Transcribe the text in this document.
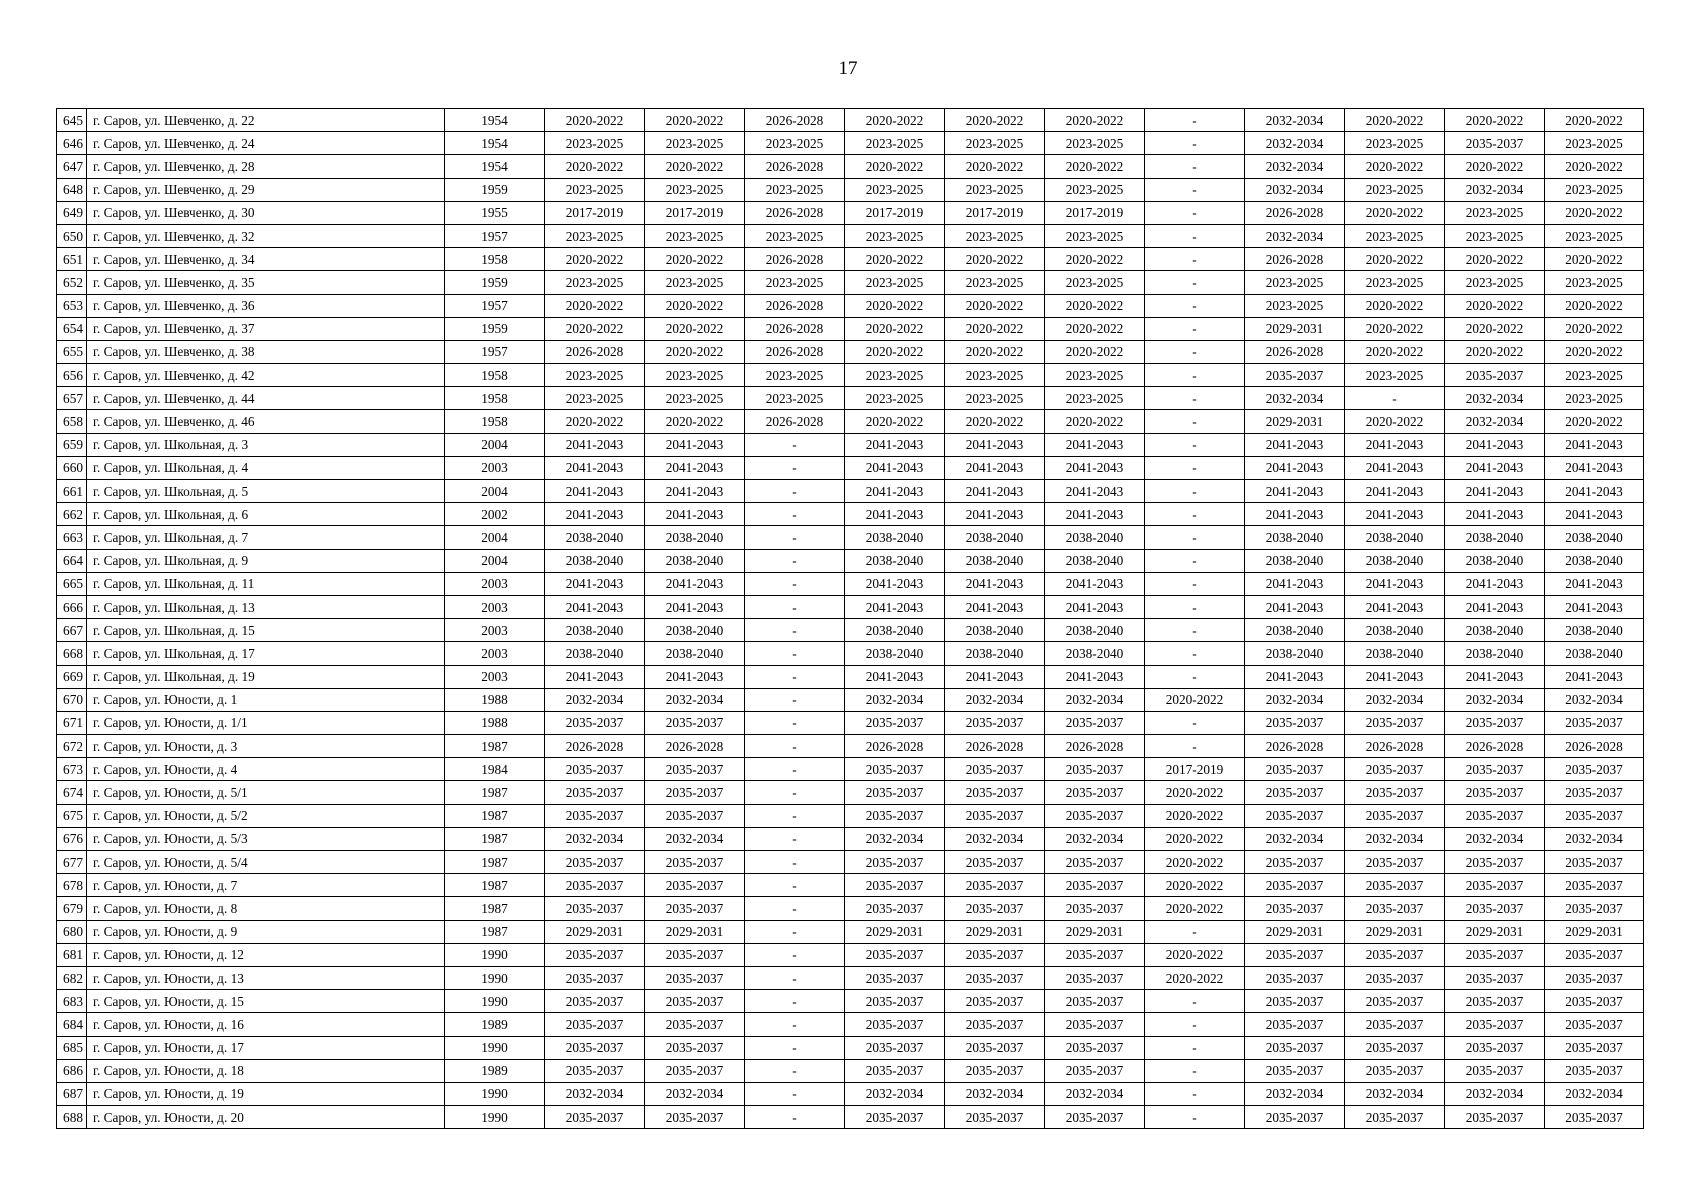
17
645	г. Саров, ул. Шевченко, д. 22	1954	2020-2022	2020-2022	2026-2028	2020-2022	2020-2022	2020-2022	-	2032-2034	2020-2022	2020-2022	2020-2022
646	г. Саров, ул. Шевченко, д. 24	1954	2023-2025	2023-2025	2023-2025	2023-2025	2023-2025	2023-2025	-	2032-2034	2023-2025	2035-2037	2023-2025
647	г. Саров, ул. Шевченко, д. 28	1954	2020-2022	2020-2022	2026-2028	2020-2022	2020-2022	2020-2022	-	2032-2034	2020-2022	2020-2022	2020-2022
648	г. Саров, ул. Шевченко, д. 29	1959	2023-2025	2023-2025	2023-2025	2023-2025	2023-2025	2023-2025	-	2032-2034	2023-2025	2032-2034	2023-2025
649	г. Саров, ул. Шевченко, д. 30	1955	2017-2019	2017-2019	2026-2028	2017-2019	2017-2019	2017-2019	-	2026-2028	2020-2022	2023-2025	2020-2022
650	г. Саров, ул. Шевченко, д. 32	1957	2023-2025	2023-2025	2023-2025	2023-2025	2023-2025	2023-2025	-	2032-2034	2023-2025	2023-2025	2023-2025
651	г. Саров, ул. Шевченко, д. 34	1958	2020-2022	2020-2022	2026-2028	2020-2022	2020-2022	2020-2022	-	2026-2028	2020-2022	2020-2022	2020-2022
652	г. Саров, ул. Шевченко, д. 35	1959	2023-2025	2023-2025	2023-2025	2023-2025	2023-2025	2023-2025	-	2023-2025	2023-2025	2023-2025	2023-2025
653	г. Саров, ул. Шевченко, д. 36	1957	2020-2022	2020-2022	2026-2028	2020-2022	2020-2022	2020-2022	-	2023-2025	2020-2022	2020-2022	2020-2022
654	г. Саров, ул. Шевченко, д. 37	1959	2020-2022	2020-2022	2026-2028	2020-2022	2020-2022	2020-2022	-	2029-2031	2020-2022	2020-2022	2020-2022
655	г. Саров, ул. Шевченко, д. 38	1957	2026-2028	2020-2022	2026-2028	2020-2022	2020-2022	2020-2022	-	2026-2028	2020-2022	2020-2022	2020-2022
656	г. Саров, ул. Шевченко, д. 42	1958	2023-2025	2023-2025	2023-2025	2023-2025	2023-2025	2023-2025	-	2035-2037	2023-2025	2035-2037	2023-2025
657	г. Саров, ул. Шевченко, д. 44	1958	2023-2025	2023-2025	2023-2025	2023-2025	2023-2025	2023-2025	-	2032-2034	-	2032-2034	2023-2025
658	г. Саров, ул. Шевченко, д. 46	1958	2020-2022	2020-2022	2026-2028	2020-2022	2020-2022	2020-2022	-	2029-2031	2020-2022	2032-2034	2020-2022
659	г. Саров, ул. Школьная, д. 3	2004	2041-2043	2041-2043	-	2041-2043	2041-2043	2041-2043	-	2041-2043	2041-2043	2041-2043	2041-2043
660	г. Саров, ул. Школьная, д. 4	2003	2041-2043	2041-2043	-	2041-2043	2041-2043	2041-2043	-	2041-2043	2041-2043	2041-2043	2041-2043
661	г. Саров, ул. Школьная, д. 5	2004	2041-2043	2041-2043	-	2041-2043	2041-2043	2041-2043	-	2041-2043	2041-2043	2041-2043	2041-2043
662	г. Саров, ул. Школьная, д. 6	2002	2041-2043	2041-2043	-	2041-2043	2041-2043	2041-2043	-	2041-2043	2041-2043	2041-2043	2041-2043
663	г. Саров, ул. Школьная, д. 7	2004	2038-2040	2038-2040	-	2038-2040	2038-2040	2038-2040	-	2038-2040	2038-2040	2038-2040	2038-2040
664	г. Саров, ул. Школьная, д. 9	2004	2038-2040	2038-2040	-	2038-2040	2038-2040	2038-2040	-	2038-2040	2038-2040	2038-2040	2038-2040
665	г. Саров, ул. Школьная, д. 11	2003	2041-2043	2041-2043	-	2041-2043	2041-2043	2041-2043	-	2041-2043	2041-2043	2041-2043	2041-2043
666	г. Саров, ул. Школьная, д. 13	2003	2041-2043	2041-2043	-	2041-2043	2041-2043	2041-2043	-	2041-2043	2041-2043	2041-2043	2041-2043
667	г. Саров, ул. Школьная, д. 15	2003	2038-2040	2038-2040	-	2038-2040	2038-2040	2038-2040	-	2038-2040	2038-2040	2038-2040	2038-2040
668	г. Саров, ул. Школьная, д. 17	2003	2038-2040	2038-2040	-	2038-2040	2038-2040	2038-2040	-	2038-2040	2038-2040	2038-2040	2038-2040
669	г. Саров, ул. Школьная, д. 19	2003	2041-2043	2041-2043	-	2041-2043	2041-2043	2041-2043	-	2041-2043	2041-2043	2041-2043	2041-2043
670	г. Саров, ул. Юности, д. 1	1988	2032-2034	2032-2034	-	2032-2034	2032-2034	2032-2034	2020-2022	2032-2034	2032-2034	2032-2034	2032-2034
671	г. Саров, ул. Юности, д. 1/1	1988	2035-2037	2035-2037	-	2035-2037	2035-2037	2035-2037	-	2035-2037	2035-2037	2035-2037	2035-2037
672	г. Саров, ул. Юности, д. 3	1987	2026-2028	2026-2028	-	2026-2028	2026-2028	2026-2028	-	2026-2028	2026-2028	2026-2028	2026-2028
673	г. Саров, ул. Юности, д. 4	1984	2035-2037	2035-2037	-	2035-2037	2035-2037	2035-2037	2017-2019	2035-2037	2035-2037	2035-2037	2035-2037
674	г. Саров, ул. Юности, д. 5/1	1987	2035-2037	2035-2037	-	2035-2037	2035-2037	2035-2037	2020-2022	2035-2037	2035-2037	2035-2037	2035-2037
675	г. Саров, ул. Юности, д. 5/2	1987	2035-2037	2035-2037	-	2035-2037	2035-2037	2035-2037	2020-2022	2035-2037	2035-2037	2035-2037	2035-2037
676	г. Саров, ул. Юности, д. 5/3	1987	2032-2034	2032-2034	-	2032-2034	2032-2034	2032-2034	2020-2022	2032-2034	2032-2034	2032-2034	2032-2034
677	г. Саров, ул. Юности, д. 5/4	1987	2035-2037	2035-2037	-	2035-2037	2035-2037	2035-2037	2020-2022	2035-2037	2035-2037	2035-2037	2035-2037
678	г. Саров, ул. Юности, д. 7	1987	2035-2037	2035-2037	-	2035-2037	2035-2037	2035-2037	2020-2022	2035-2037	2035-2037	2035-2037	2035-2037
679	г. Саров, ул. Юности, д. 8	1987	2035-2037	2035-2037	-	2035-2037	2035-2037	2035-2037	2020-2022	2035-2037	2035-2037	2035-2037	2035-2037
680	г. Саров, ул. Юности, д. 9	1987	2029-2031	2029-2031	-	2029-2031	2029-2031	2029-2031	-	2029-2031	2029-2031	2029-2031	2029-2031
681	г. Саров, ул. Юности, д. 12	1990	2035-2037	2035-2037	-	2035-2037	2035-2037	2035-2037	2020-2022	2035-2037	2035-2037	2035-2037	2035-2037
682	г. Саров, ул. Юности, д. 13	1990	2035-2037	2035-2037	-	2035-2037	2035-2037	2035-2037	2020-2022	2035-2037	2035-2037	2035-2037	2035-2037
683	г. Саров, ул. Юности, д. 15	1990	2035-2037	2035-2037	-	2035-2037	2035-2037	2035-2037	-	2035-2037	2035-2037	2035-2037	2035-2037
684	г. Саров, ул. Юности, д. 16	1989	2035-2037	2035-2037	-	2035-2037	2035-2037	2035-2037	-	2035-2037	2035-2037	2035-2037	2035-2037
685	г. Саров, ул. Юности, д. 17	1990	2035-2037	2035-2037	-	2035-2037	2035-2037	2035-2037	-	2035-2037	2035-2037	2035-2037	2035-2037
686	г. Саров, ул. Юности, д. 18	1989	2035-2037	2035-2037	-	2035-2037	2035-2037	2035-2037	-	2035-2037	2035-2037	2035-2037	2035-2037
687	г. Саров, ул. Юности, д. 19	1990	2032-2034	2032-2034	-	2032-2034	2032-2034	2032-2034	-	2032-2034	2032-2034	2032-2034	2032-2034
688	г. Саров, ул. Юности, д. 20	1990	2035-2037	2035-2037	-	2035-2037	2035-2037	2035-2037	-	2035-2037	2035-2037	2035-2037	2035-2037
